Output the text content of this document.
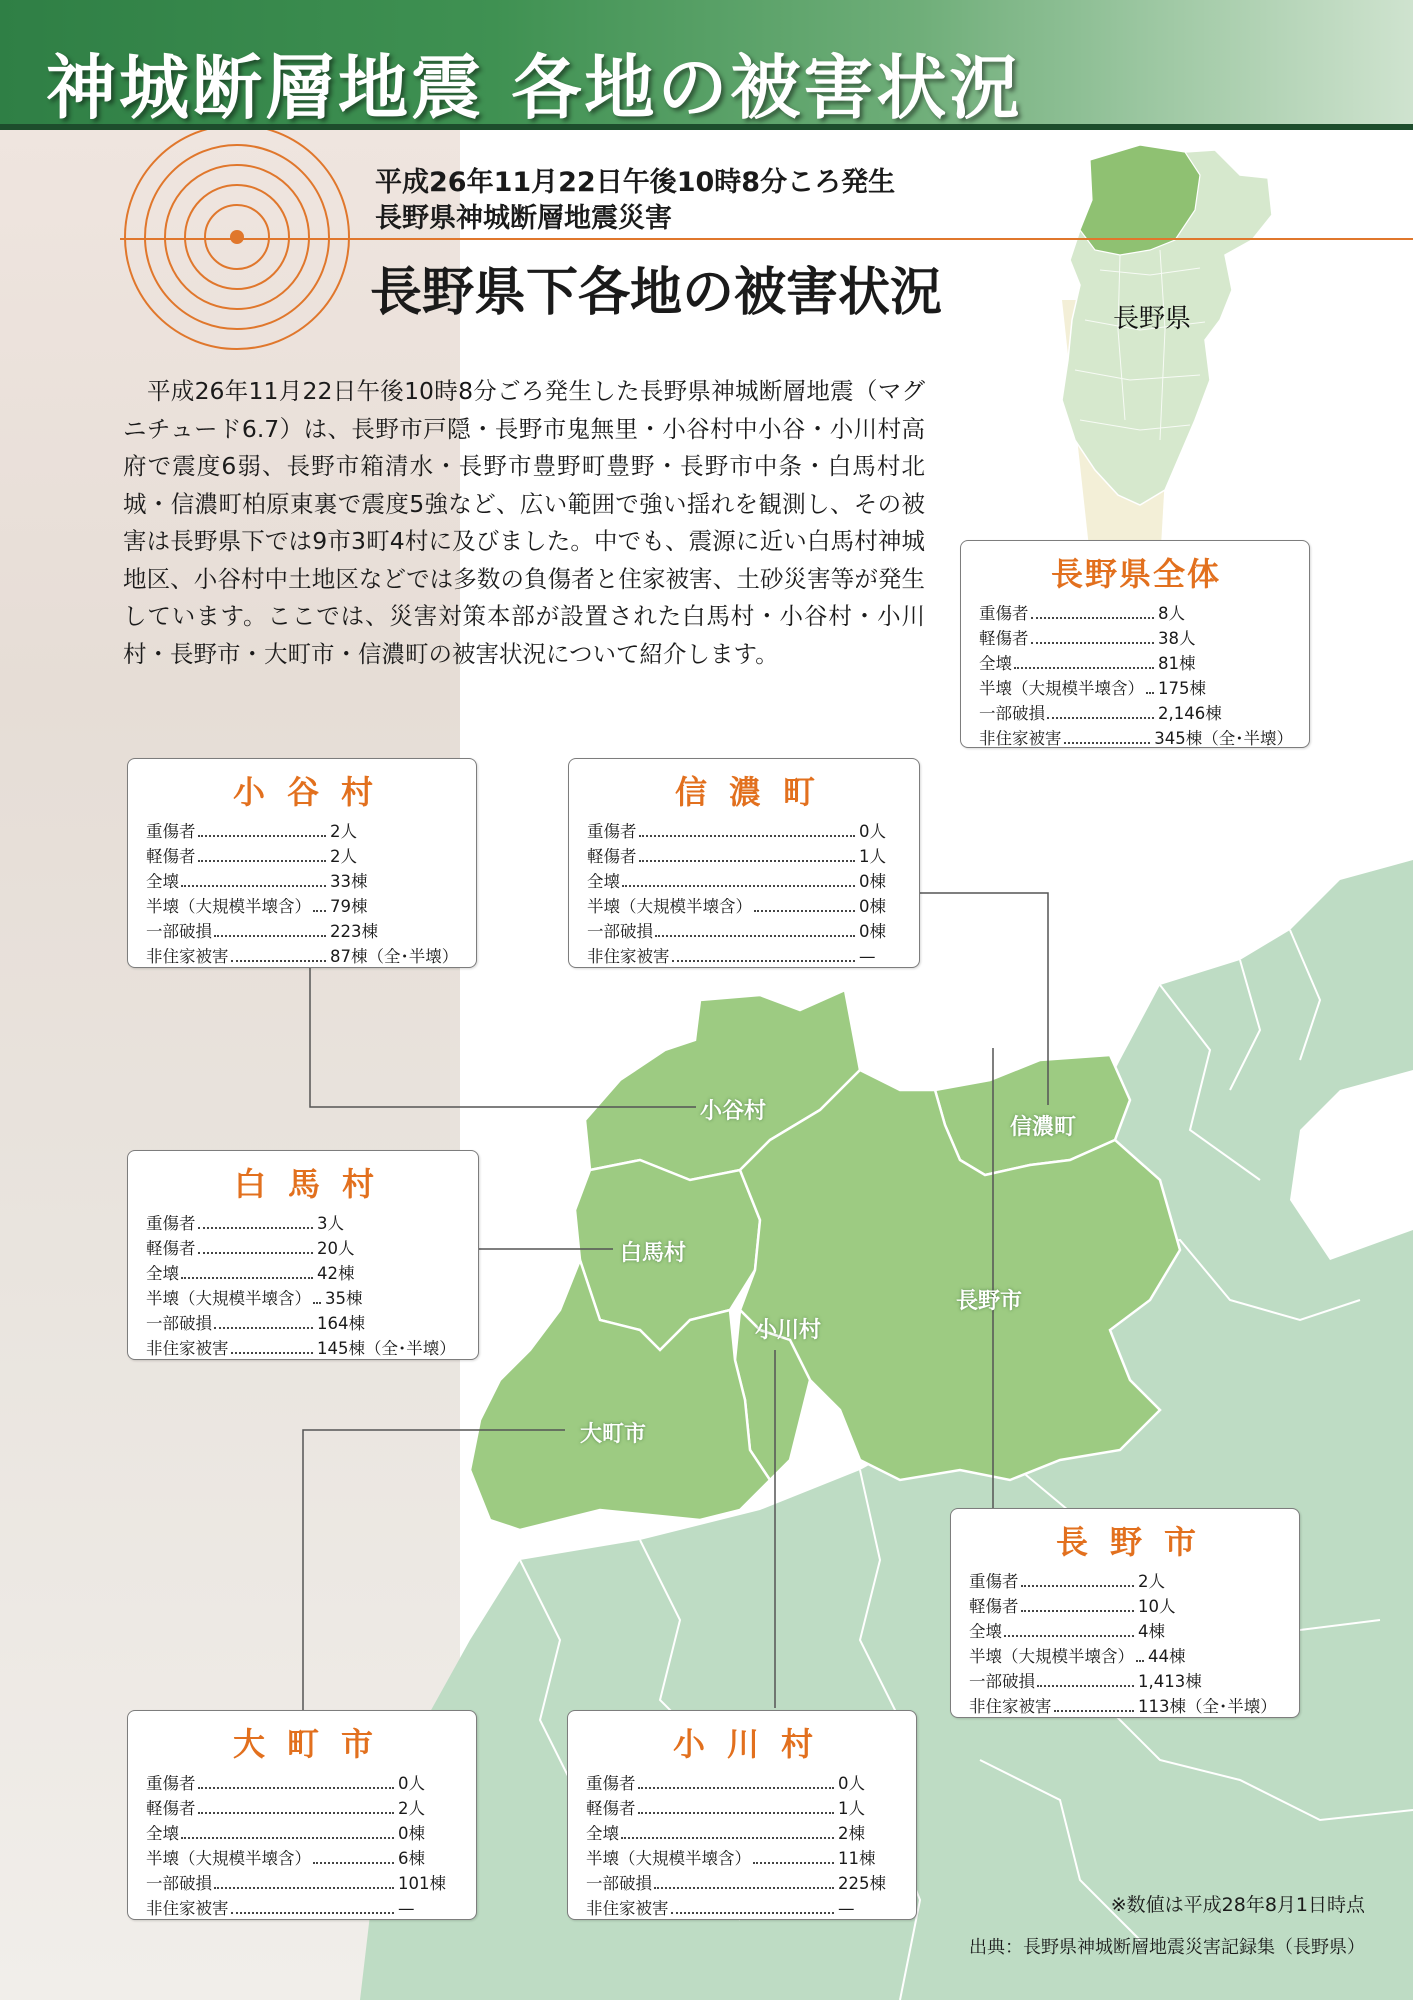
神城断層地震 各地の被害状況
平成26年11月22日午後10時8分ころ発生
長野県神城断層地震災害
長野県下各地の被害状況
平成26年11月22日午後10時8分ごろ発生した長野県神城断層地震（マグニチュード6.7）は、長野市戸隠・長野市鬼無里・小谷村中小谷・小川村高府で震度6弱、長野市箱清水・長野市豊野町豊野・長野市中条・白馬村北城・信濃町柏原東裏で震度5強など、広い範囲で強い揺れを観測し、その被害は長野県下では9市3町4村に及びました。中でも、震源に近い白馬村神城地区、小谷村中土地区などでは多数の負傷者と住家被害、土砂災害等が発生しています。ここでは、災害対策本部が設置された白馬村・小谷村・小川村・長野市・大町市・信濃町の被害状況について紹介します。
長野県
小谷村
信濃町
白馬村
長野市
小川村
大町市
長野県全体
重傷者	8人
軽傷者	38人
全壊	81棟
半壊（大規模半壊含） 175棟
一部破損	2,146棟
非住家被害	345棟（全･半壊）
小谷村
重傷者	2人
軽傷者	2人
全壊	33棟
半壊（大規模半壊含） 79棟
一部破損	223棟
非住家被害	87棟（全･半壊）
信濃町
重傷者	0人
軽傷者	1人
全壊	0棟
半壊（大規模半壊含）	0棟
一部破損	0棟
非住家被害	—
白馬村
重傷者	3人
軽傷者	20人
全壊	42棟
半壊（大規模半壊含） 35棟
一部破損	164棟
非住家被害	145棟（全･半壊）
長野市
重傷者	2人
軽傷者	10人
全壊	4棟
半壊（大規模半壊含） 44棟
一部破損	1,413棟
非住家被害	113棟（全･半壊）
大町市
重傷者	0人
軽傷者	2人
全壊	0棟
半壊（大規模半壊含）	6棟
一部破損	101棟
非住家被害	—
小川村
重傷者	0人
軽傷者	1人
全壊	2棟
半壊（大規模半壊含）	11棟
一部破損	225棟
非住家被害	—	※数値は平成28年8月1日時点
出典：長野県神城断層地震災害記録集（長野県）
